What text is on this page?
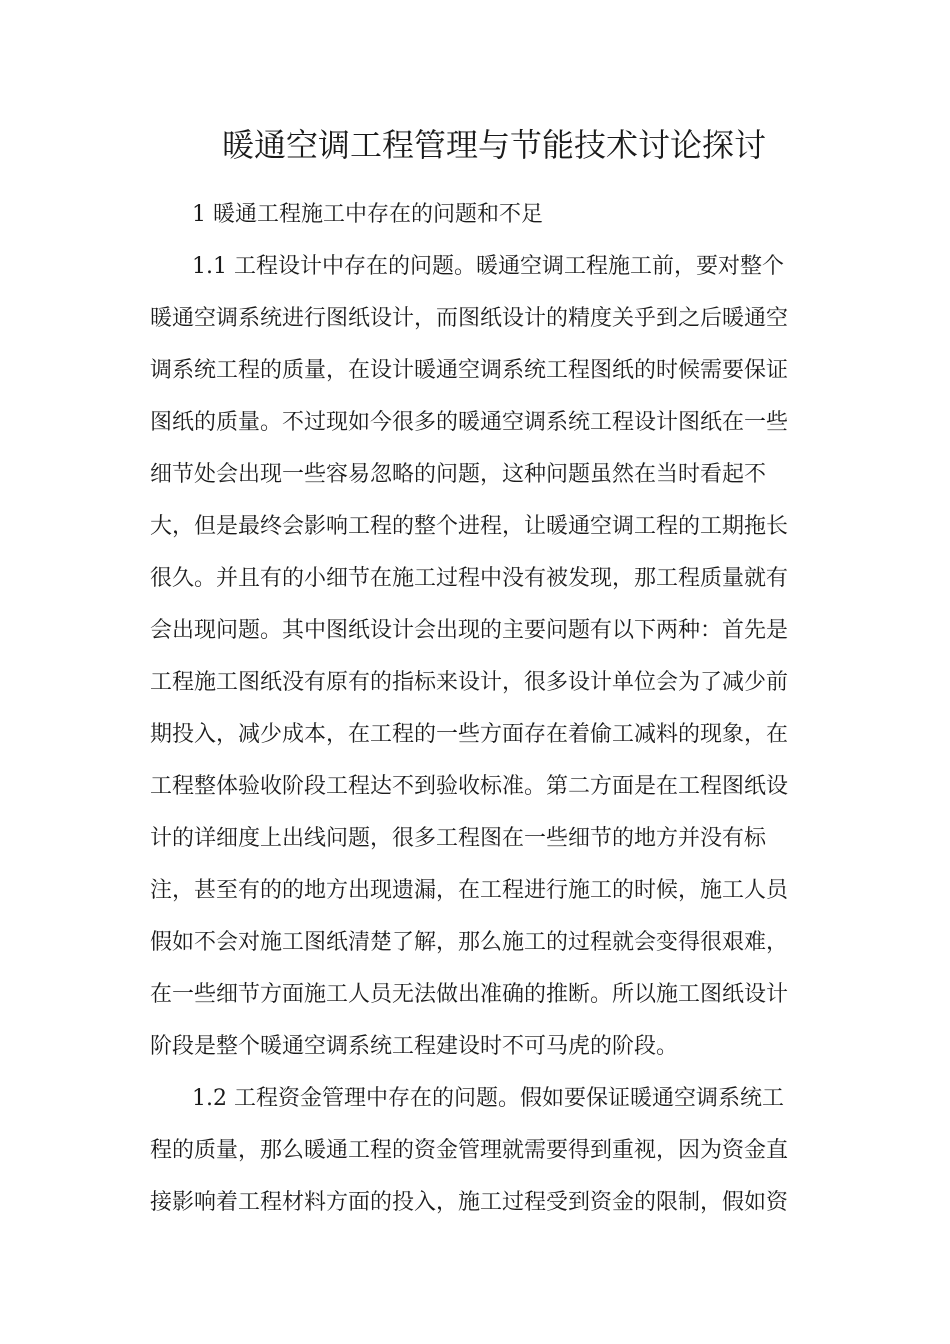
暖通空调工程管理与节能技术讨论探讨
1 暖通工程施工中存在的问题和不足
1.1 工程设计中存在的问题。暖通空调工程施工前，要对整个
暖通空调系统进行图纸设计，而图纸设计的精度关乎到之后暖通空
调系统工程的质量，在设计暖通空调系统工程图纸的时候需要保证
图纸的质量。不过现如今很多的暖通空调系统工程设计图纸在一些
细节处会出现一些容易忽略的问题，这种问题虽然在当时看起不
大，但是最终会影响工程的整个进程，让暖通空调工程的工期拖长
很久。并且有的小细节在施工过程中没有被发现，那工程质量就有
会出现问题。其中图纸设计会出现的主要问题有以下两种：首先是
工程施工图纸没有原有的指标来设计，很多设计单位会为了减少前
期投入，减少成本，在工程的一些方面存在着偷工减料的现象，在
工程整体验收阶段工程达不到验收标准。第二方面是在工程图纸设
计的详细度上出线问题，很多工程图在一些细节的地方并没有标
注，甚至有的的地方出现遗漏，在工程进行施工的时候，施工人员
假如不会对施工图纸清楚了解，那么施工的过程就会变得很艰难，
在一些细节方面施工人员无法做出准确的推断。所以施工图纸设计
阶段是整个暖通空调系统工程建设时不可马虎的阶段。
1.2 工程资金管理中存在的问题。假如要保证暖通空调系统工
程的质量，那么暖通工程的资金管理就需要得到重视，因为资金直
接影响着工程材料方面的投入，施工过程受到资金的限制，假如资
